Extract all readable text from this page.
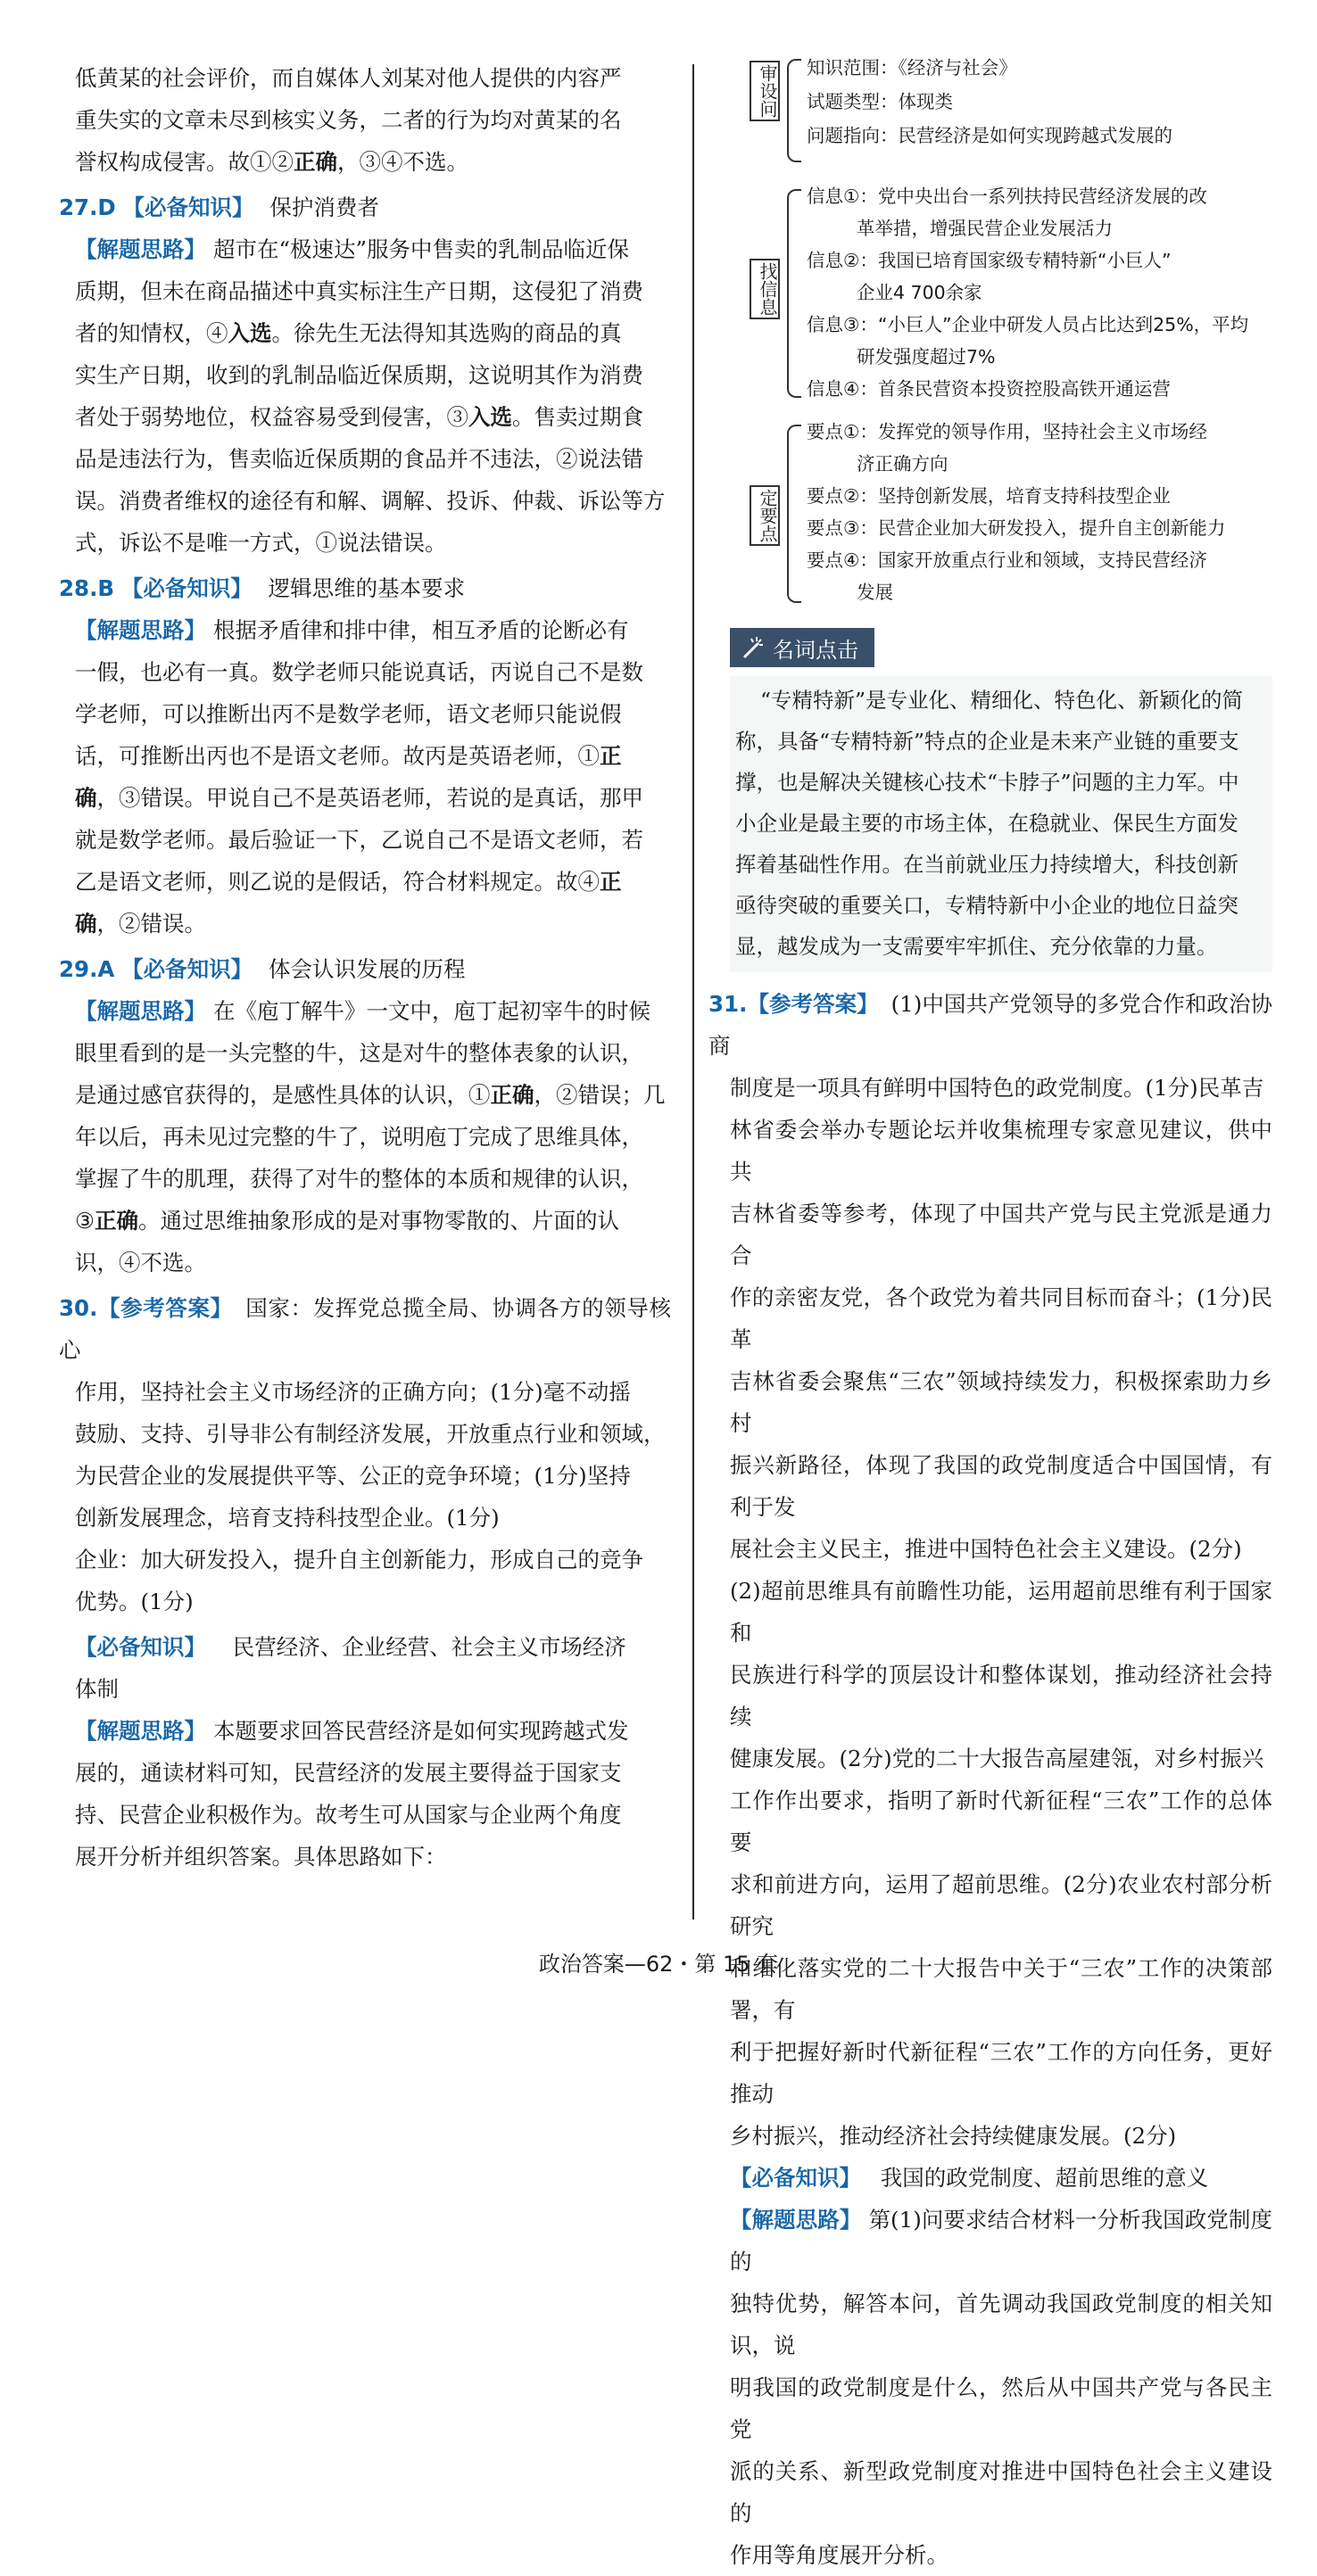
低黄某的社会评价，而自媒体人刘某对他人提供的内容严

重失实的文章未尽到核实义务，二者的行为均对黄某的名

誉权构成侵害。故①②正确，③④不选。

27.D 【必备知识】 保护消费者

【解题思路】 超市在“极速达”服务中售卖的乳制品临近保

质期，但未在商品描述中真实标注生产日期，这侵犯了消费

者的知情权，④入选。徐先生无法得知其选购的商品的真

实生产日期，收到的乳制品临近保质期，这说明其作为消费

者处于弱势地位，权益容易受到侵害，③入选。售卖过期食

品是违法行为，售卖临近保质期的食品并不违法，②说法错

误。消费者维权的途径有和解、调解、投诉、仲裁、诉讼等方

式，诉讼不是唯一方式，①说法错误。

28.B 【必备知识】 逻辑思维的基本要求

【解题思路】 根据矛盾律和排中律，相互矛盾的论断必有

一假，也必有一真。数学老师只能说真话，丙说自己不是数

学老师，可以推断出丙不是数学老师，语文老师只能说假

话，可推断出丙也不是语文老师。故丙是英语老师，①正

确，③错误。甲说自己不是英语老师，若说的是真话，那甲

就是数学老师。最后验证一下，乙说自己不是语文老师，若

乙是语文老师，则乙说的是假话，符合材料规定。故④正

确，②错误。

29.A 【必备知识】 体会认识发展的历程

【解题思路】 在《庖丁解牛》一文中，庖丁起初宰牛的时候

眼里看到的是一头完整的牛，这是对牛的整体表象的认识，

是通过感官获得的，是感性具体的认识，①正确，②错误；几

年以后，再未见过完整的牛了，说明庖丁完成了思维具体，

掌握了牛的肌理，获得了对牛的整体的本质和规律的认识，

③正确。通过思维抽象形成的是对事物零散的、片面的认

识，④不选。

30.【参考答案】 国家：发挥党总揽全局、协调各方的领导核心

作用，坚持社会主义市场经济的正确方向；(1分)毫不动摇

鼓励、支持、引导非公有制经济发展，开放重点行业和领域，

为民营企业的发展提供平等、公正的竞争环境；(1分)坚持

创新发展理念，培育支持科技型企业。(1分)

企业：加大研发投入，提升自主创新能力，形成自己的竞争

优势。(1分)

【必备知识】 民营经济、企业经营、社会主义市场经济

体制

【解题思路】 本题要求回答民营经济是如何实现跨越式发

展的，通读材料可知，民营经济的发展主要得益于国家支

持、民营企业积极作为。故考生可从国家与企业两个角度

展开分析并组织答案。具体思路如下：

审设问 知识范围：《经济与社会》
试题类型：体现类
问题指向：民营经济是如何实现跨越式发展的
找信息
信息①：党中央出台一系列扶持民营经济发展的改
革举措，增强民营企业发展活力
信息②：我国已培育国家级专精特新“小巨人”
企业4 700余家
信息③：“小巨人”企业中研发人员占比达到25%，平均
研发强度超过7%
信息④：首条民营资本投资控股高铁开通运营
定要点
要点①：发挥党的领导作用，坚持社会主义市场经
济正确方向
要点②：坚持创新发展，培育支持科技型企业
要点③：民营企业加大研发投入，提升自主创新能力
要点④：国家开放重点行业和领域，支持民营经济
发展
名词点击

“专精特新”是专业化、精细化、特色化、新颖化的简

称，具备“专精特新”特点的企业是未来产业链的重要支

撑，也是解决关键核心技术“卡脖子”问题的主力军。中

小企业是最主要的市场主体，在稳就业、保民生方面发

挥着基础性作用。在当前就业压力持续增大，科技创新

亟待突破的重要关口，专精特新中小企业的地位日益突

显，越发成为一支需要牢牢抓住、充分依靠的力量。

31.【参考答案】 (1)中国共产党领导的多党合作和政治协商

制度是一项具有鲜明中国特色的政党制度。(1分)民革吉

林省委会举办专题论坛并收集梳理专家意见建议，供中共

吉林省委等参考，体现了中国共产党与民主党派是通力合

作的亲密友党，各个政党为着共同目标而奋斗；(1分)民革

吉林省委会聚焦“三农”领域持续发力，积极探索助力乡村

振兴新路径，体现了我国的政党制度适合中国国情，有利于发

展社会主义民主，推进中国特色社会主义建设。(2分)

(2)超前思维具有前瞻性功能，运用超前思维有利于国家和

民族进行科学的顶层设计和整体谋划，推动经济社会持续

健康发展。(2分)党的二十大报告高屋建瓴，对乡村振兴

工作作出要求，指明了新时代新征程“三农”工作的总体要

求和前进方向，运用了超前思维。(2分)农业农村部分析研究

和细化落实党的二十大报告中关于“三农”工作的决策部署，有

利于把握好新时代新征程“三农”工作的方向任务，更好推动

乡村振兴，推动经济社会持续健康发展。(2分)

【必备知识】 我国的政党制度、超前思维的意义

【解题思路】 第(1)问要求结合材料一分析我国政党制度的

独特优势，解答本问，首先调动我国政党制度的相关知识，说

明我国的政党制度是什么，然后从中国共产党与各民主党

派的关系、新型政党制度对推进中国特色社会主义建设的

作用等角度展开分析。

政治答案—62・第 15 套
